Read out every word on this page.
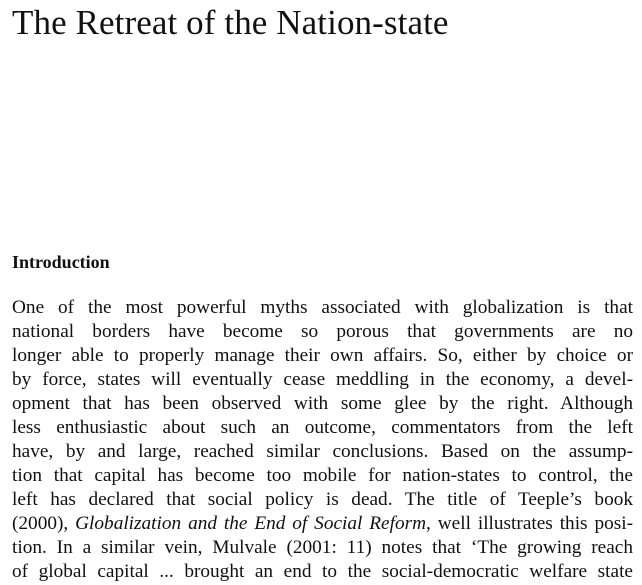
The Retreat of the Nation-state
Introduction
One of the most powerful myths associated with globalization is that
national borders have become so porous that governments are no
longer able to properly manage their own affairs. So, either by choice or
by force, states will eventually cease meddling in the economy, a devel-
opment that has been observed with some glee by the right. Although
less enthusiastic about such an outcome, commentators from the left
have, by and large, reached similar conclusions. Based on the assump-
tion that capital has become too mobile for nation-states to control, the
left has declared that social policy is dead. The title of Teeple’s book
(2000), Globalization and the End of Social Reform, well illustrates this posi-
tion. In a similar vein, Mulvale (2001: 11) notes that ‘The growing reach
of global capital ... brought an end to the social-democratic welfare state
